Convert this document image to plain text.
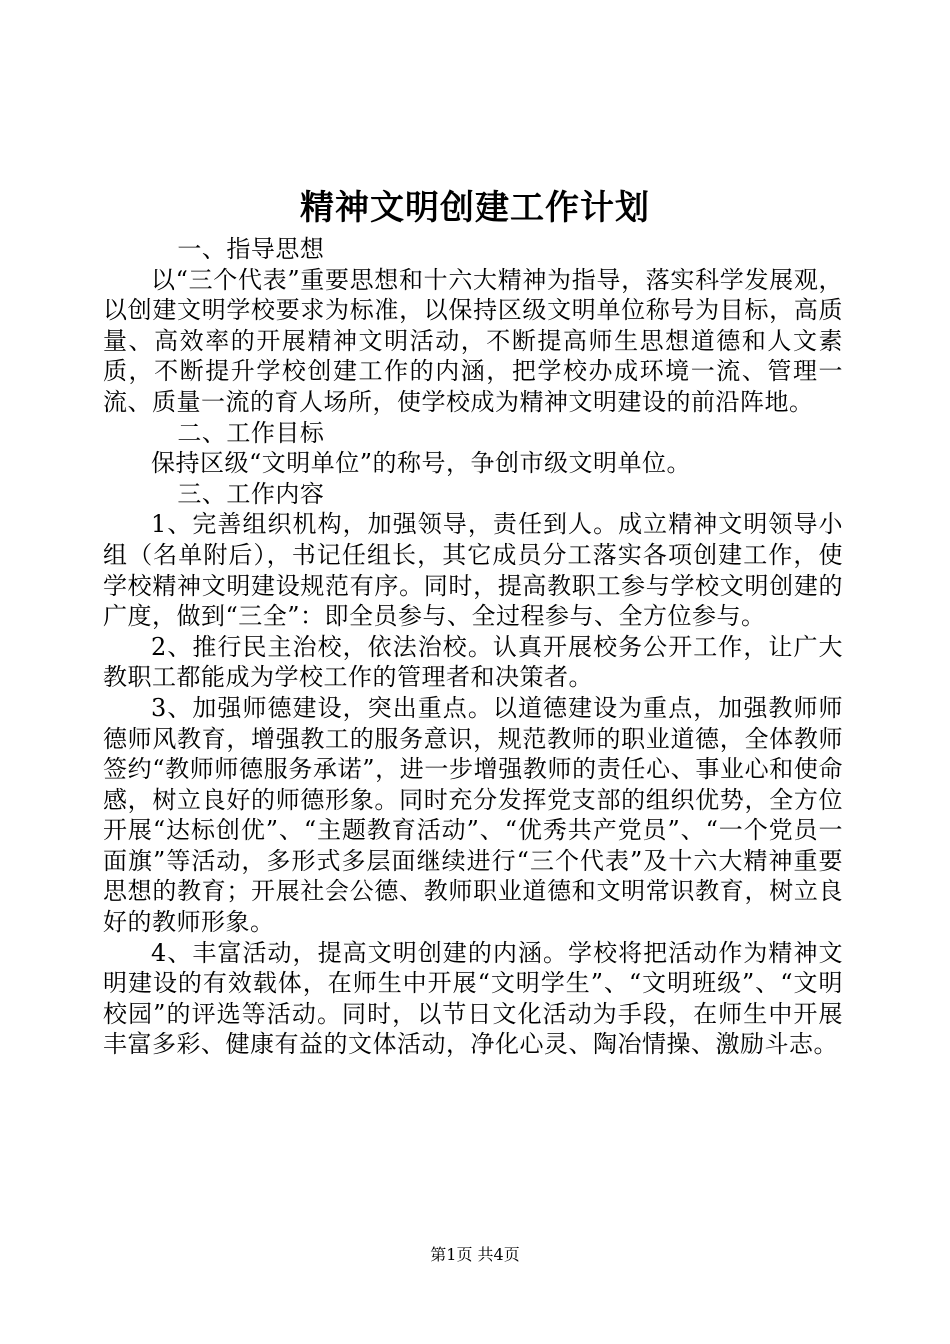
精神文明创建工作计划

一、指导思想

以“三个代表”重要思想和十六大精神为指导，落实科学发展观，以创建文明学校要求为标准，以保持区级文明单位称号为目标，高质量、高效率的开展精神文明活动，不断提高师生思想道德和人文素质，不断提升学校创建工作的内涵，把学校办成环境一流、管理一流、质量一流的育人场所，使学校成为精神文明建设的前沿阵地。

二、工作目标

保持区级“文明单位”的称号，争创市级文明单位。

三、工作内容

1、完善组织机构，加强领导，责任到人。成立精神文明领导小组（名单附后），书记任组长，其它成员分工落实各项创建工作，使学校精神文明建设规范有序。同时，提高教职工参与学校文明创建的广度，做到“三全”：即全员参与、全过程参与、全方位参与。

2、推行民主治校，依法治校。认真开展校务公开工作，让广大教职工都能成为学校工作的管理者和决策者。

3、加强师德建设，突出重点。以道德建设为重点，加强教师师德师风教育，增强教工的服务意识，规范教师的职业道德，全体教师签约“教师师德服务承诺”，进一步增强教师的责任心、事业心和使命感，树立良好的师德形象。同时充分发挥党支部的组织优势，全方位开展“达标创优”、“主题教育活动”、“优秀共产党员”、“一个党员一面旗”等活动，多形式多层面继续进行“三个代表”及十六大精神重要思想的教育；开展社会公德、教师职业道德和文明常识教育，树立良好的教师形象。

4、丰富活动，提高文明创建的内涵。学校将把活动作为精神文明建设的有效载体，在师生中开展“文明学生”、“文明班级”、“文明校园”的评选等活动。同时，以节日文化活动为手段，在师生中开展丰富多彩、健康有益的文体活动，净化心灵、陶冶情操、激励斗志。

第1页 共4页
